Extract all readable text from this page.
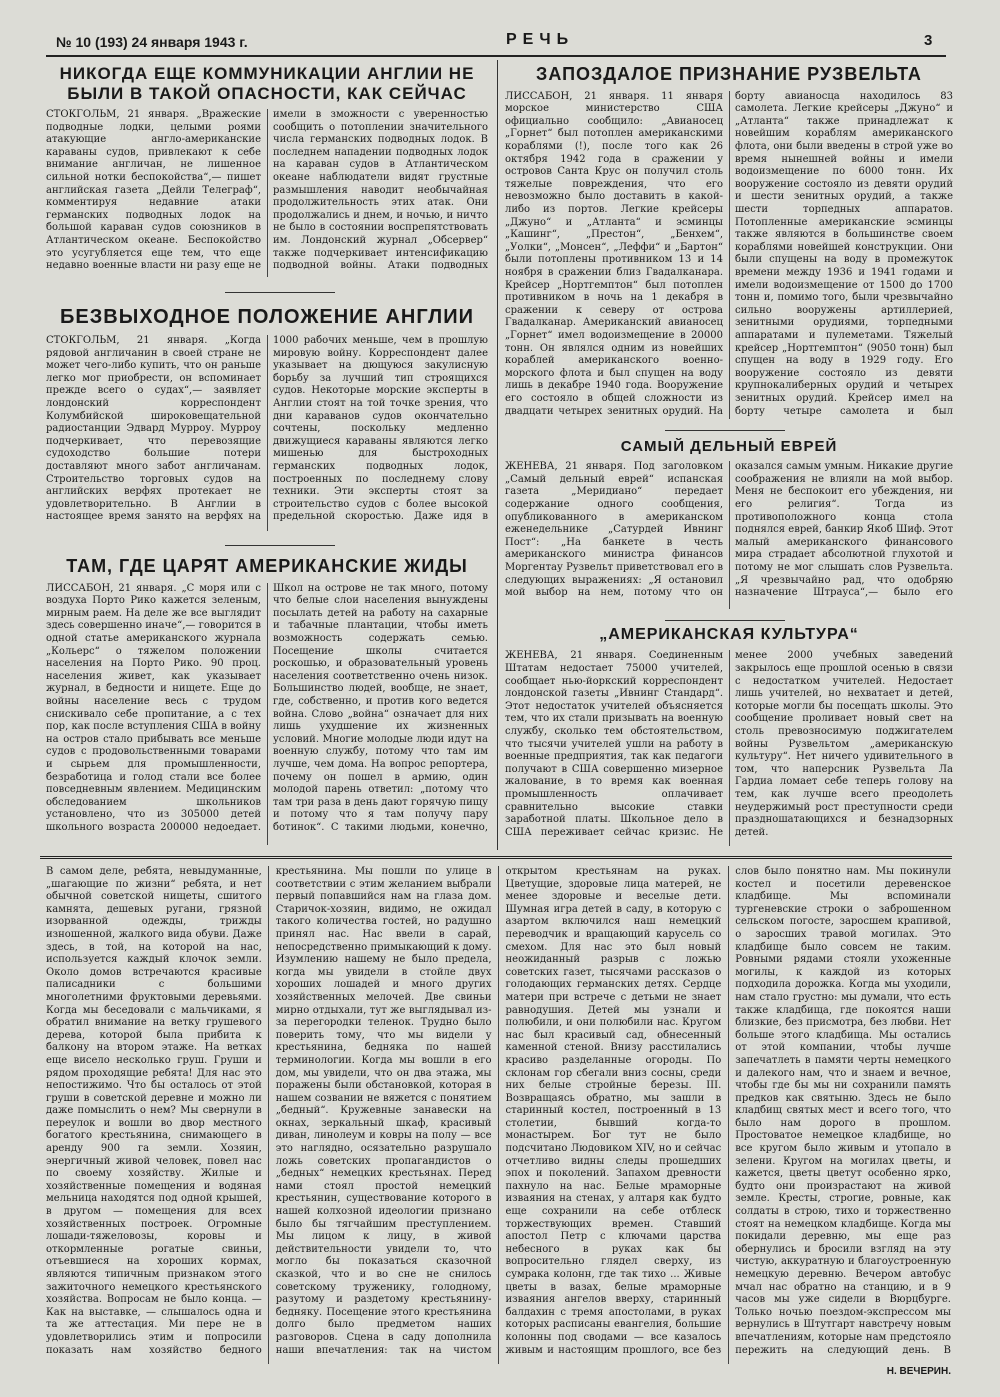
№ 10 (193) 24 января 1943 г.	РЕЧЬ	3
НИКОГДА ЕЩЕ КОММУНИКАЦИИ АНГЛИИ НЕ БЫЛИ В ТАКОЙ ОПАСНОСТИ, КАК СЕЙЧАС
СТОКГОЛЬМ, 21 января. „Вражеские подводные лодки, целыми роями атакующие англо-американские караваны судов, привлекают к себе внимание англичан, не лишенное сильной нотки беспокойства“,— пишет английская газета „Дейли Телеграф“, комментируя недавние атаки германских подводных лодок на большой караван судов союзников в Атлантическом океане. Беспокойство это усугубляется еще тем, что еще недавно военные власти ни разу еще не имели в зможности с уверенностью сообщить о потоплении значительного числа германских подводных лодок. В последнем нападении подводных лодок на караван судов в Атлантическом океане наблюдатели видят грустные размышления наводит необычайная продолжительность этих атак. Они продолжались и днем, и ночью, и ничто не было в состоянии воспрепятствовать им. Лондонский журнал „Обсервер“ также подчеркивает интенсификацию подводной войны. Атаки подводных
БЕЗВЫХОДНОЕ ПОЛОЖЕНИЕ АНГЛИИ
СТОКГОЛЬМ, 21 января. „Когда рядовой англичанин в своей стране не может чего-либо купить, что он раньше легко мог приобрести, он вспоминает прежде всего о судах“,— заявляет лондонский корреспондент Колумбийской широковещательной радиостанции Эдвард Мурроу. Мурроу подчеркивает, что перевозящие судоходство большие потери доставляют много забот англичанам. Строительство торговых судов на английских верфях протекает не удовлетворительно. В Англии в настоящее время занято на верфях на 1000 рабочих меньше, чем в прошлую мировую войну. Корреспондент далее указывает на дющуюся закулисную борьбу за лучший тип строящихся судов. Некоторые морские эксперты в Англии стоят на той точке зрения, что дни караванов судов окончательно сочтены, поскольку медленно движущиеся караваны являются легко мишенью для быстроходных германских подводных лодок, построенных по последнему слову техники. Эти эксперты стоят за строительство судов с более высокой предельной скоростью. Даже идя в
ТАМ, ГДЕ ЦАРЯТ АМЕРИКАНСКИЕ ЖИДЫ
ЛИССАБОН, 21 января. „С моря или с воздуха Порто Рико кажется зеленым, мирным раем. На деле же все выглядит здесь совершенно иначе“,— говорится в одной статье американского журнала „Кольерс“ о тяжелом положении населения на Порто Рико. 90 проц. населения живет, как указывает журнал, в бедности и нищете. Еще до войны население весь с трудом снискивало себе пропитание, а с тех пор, как после вступления США в войну на остров стало прибывать все меньше судов с продовольственными товарами и сырьем для промышленности, безработица и голод стали все более повседневным явлением. Медицинским обследованием школьников установлено, что из 305000 детей школьного возраста 200000 недоедает. Школ на острове не так много, потому что белые слои населения вынуждены посылать детей на работу на сахарные и табачные плантации, чтобы иметь возможность содержать семью. Посещение школы считается роскошью, и образовательный уровень населения соответственно очень низок. Большинство людей, вообще, не знает, где, собственно, и против кого ведется война. Слово „война“ означает для них лишь ухудшение их жизненных условий. Многие молодые люди идут на военную службу, потому что там им лучше, чем дома. На вопрос репортера, почему он пошел в армию, один молодой парень ответил: „потому что там три раза в день дают горячую пищу и потому что я там получу пару ботинок“. С такими людьми, конечно,
ЗАПОЗДАЛОЕ ПРИЗНАНИЕ РУЗВЕЛЬТА
ЛИССАБОН, 21 января. 11 января морское министерство США официально сообщило: „Авианосец „Горнет“ был потоплен американскими кораблями (!), после того как 26 октября 1942 года в сражении у островов Санта Крус он получил столь тяжелые повреждения, что его невозможно было доставить в какой-либо из портов. Легкие крейсеры „Джуно“ и „Атланта“ и эсминцы „Кашинг“, „Престон“, „Бенхем“, „Уолки“, „Монсен“, „Леффи“ и „Бартон“ были потоплены противником 13 и 14 ноября в сражении близ Гвадалканара. Крейсер „Нортгемптон“ был потоплен противником в ночь на 1 декабря в сражении к северу от острова Гвадалканар. Американский авианосец „Горнет“ имел водоизмещение в 20000 тонн. Он являлся одним из новейших кораблей американского военно-морского флота и был спущен на воду лишь в декабре 1940 года. Вооружение его состояло в общей сложности из двадцати четырех зенитных орудий. На борту авианосца находилось 83 самолета. Легкие крейсеры „Джуно“ и „Атланта“ также принадлежат к новейшим кораблям американского флота, они были введены в строй уже во время нынешней войны и имели водоизмещение по 6000 тонн. Их вооружение состояло из девяти орудий и шести зенитных орудий, а также шести торпедных аппаратов. Потопленные американские эсминцы также являются в большинстве своем кораблями новейшей конструкции. Они были спущены на воду в промежуток времени между 1936 и 1941 годами и имели водоизмещение от 1500 до 1700 тонн и, помимо того, были чрезвычайно сильно вооружены артиллерией, зенитными орудиями, торпедными аппаратами и пулеметами. Тяжелый крейсер „Нортгемптон“ (9050 тонн) был спущен на воду в 1929 году. Его вооружение состояло из девяти крупнокалиберных орудий и четырех зенитных орудий. Крейсер имел на борту четыре самолета и был
САМЫЙ ДЕЛЬНЫЙ ЕВРЕЙ
ЖЕНЕВА, 21 января. Под заголовком „Самый дельный еврей“ испанская газета „Меридиано“ передает содержание одного сообщения, опубликованного в американском еженедельнике „Сатурдей Ивнинг Пост“: „На банкете в честь американского министра финансов Моргентау Рузвельт приветствовал его в следующих выражениях: „Я остановил мой выбор на нем, потому что он оказался самым умным. Никакие другие соображения не влияли на мой выбор. Меня не беспокоит его убеждения, ни его религия“. Тогда из противоположного конца стола поднялся еврей, банкир Якоб Шиф. Этот малый американского финансового мира страдает абсолютной глухотой и потому не мог слышать слов Рузвельта. „Я чрезвычайно рад, что одобряю назначение Штрауса“,— было его
„АМЕРИКАНСКАЯ КУЛЬТУРА“
ЖЕНЕВА, 21 января. Соединенным Штатам недостает 75000 учителей, сообщает нью-йоркский корреспондент лондонской газеты „Ивнинг Стандард“. Этот недостаток учителей объясняется тем, что их стали призывать на военную службу, сколько тем обстоятельством, что тысячи учителей ушли на работу в военные предприятия, так как педагоги получают в США совершенно мизерное жалование, в то время как военная промышленность оплачивает сравнительно высокие ставки заработной платы. Школьное дело в США переживает сейчас кризис. Не менее 2000 учебных заведений закрылось еще прошлой осенью в связи с недостатком учителей. Недостает лишь учителей, но нехватает и детей, которые могли бы посещать школы. Это сообщение проливает новый свет на столь превозносимую поджигателем войны Рузвельтом „американскую культуру“. Нет ничего удивительного в том, что наперсник Рузвельта Ла Гардиа ломает себе теперь голову на тем, как лучше всего преодолеть неудержимый рост преступности среди праздношатающихся и безнадзорных детей.
В самом деле, ребята, невыдуманные, „шагающие по жизни“ ребята, и нет обычной советской нищеты, сшитого камнята, дешевых ругани, грязной изорванной одежды, трижды изношенной, жалкого вида обуви. Даже здесь, в той, на которой на нас, используется каждый клочок земли. Около домов встречаются красивые палисадники с большими многолетними фруктовыми деревьями. Когда мы беседовали с мальчиками, я обратил внимание на ветку грушевого дерева, которой была прибита к балкону на втором этаже. На ветках еще висело несколько груш. Груши и рядом проходящие ребята! Для нас это непостижимо. Что бы осталось от этой груши в советской деревне и можно ли даже помыслить о нем? Мы свернули в переулок и вошли во двор местного богатого крестьянина, снимающего в аренду 900 га земли. Хозяин, энергичный живой человек, повел нас по своему хозяйству. Жилые и хозяйственные помещения и водяная мельница находятся под одной крышей, в другом — помещения для всех хозяйственных построек. Огромные лошади-тяжеловозы, коровы и откормленные рогатые свиньи, отъевшиеся на хороших кормах, являются типичным признаком этого зажиточного немецкого крестьянского хозяйства. Вопросам не было конца. — Как на выставке, — слышалось одна и та же аттестация. Ми пере не в удовлетворились этим и попросили показать нам хозяйство бедного крестьянина. Мы пошли по улице в соответствии с этим желанием выбрали первый попавшийся нам на глаза дом. Старичок-хозяин, видимо, не ожидал такого количества гостей, но радушно принял нас. Нас ввели в сарай, непосредственно примыкающий к дому. Изумлению нашему не было предела, когда мы увидели в стойле двух хороших лошадей и много других хозяйственных мелочей. Две свиньи мирно отдыхали, тут же выглядывал из-за перегородки теленок. Трудно было поверить тому, что мы видели у крестьянина, бедняка по нашей терминологии. Когда мы вошли в его дом, мы увидели, что он два этажа, мы поражены были обстановкой, которая в нашем созвании не вяжется с понятием „бедный“. Кружевные занавески на окнах, зеркальный шкаф, красивый диван, линолеум и ковры на полу — все это наглядно, осязательно разрушало ложь советских пропагандистов о „бедных“ немецких крестьянах. Перед нами стоял простой немецкий крестьянин, существование которого в нашей колхозной идеологии признано было бы тягчайшим преступлением. Мы лицом к лицу, в живой действительности увидели то, что могло бы показаться сказочной сказкой, что и во сне не снилось советскому труженику, голодному, разутому и раздетому крестьянину-бедняку. Посещение этого крестьянина долго было предметом наших разговоров. Сцена в саду дополнила наши впечатления: так на чистом открытом крестьянам на руках. Цветущие, здоровые лица матерей, не менее здоровые и веселые дети. Шумная игра детей в саду, в которую с азартом включился наш немецкий переводчик и вращающий карусель со смехом. Для нас это был новый неожиданный разрыв с ложью советских газет, тысячами рассказов о голодающих германских детях. Сердце матери при встрече с детьми не знает равнодушия. Детей мы узнали и полюбили, и они полюбили нас. Кругом нас был красивый сад, обнесенный каменной стеной. Внизу расстилались красиво разделанные огороды. По склонам гор сбегали вниз сосны, среди них белые стройные березы. III. Возвращаясь обратно, мы зашли в старинный костел, построенный в 13 столетии, бывший когда-то монастырем. Бог тут не было подсчитано Людовиком XIV, но и сейчас отчетливо видны следы прошедших эпох и поколений. Запахом древности пахнуло на нас. Белые мраморные изваяния на стенах, у алтаря как будто еще сохранили на себе отблеск торжествующих времен. Ставший апостол Петр с ключами царства небесного в руках как бы вопросительно глядел сверху, из сумрака колонн, где так тихо ... Живые цветы в вазах, белые мраморные изваяния ангелов вверху, старинный балдахин с тремя апостолами, в руках которых расписаны евангелия, большие колонны под сводами — все казалось живым и настоящим прошлого, все без слов было понятно нам. Мы покинули костел и посетили деревенское кладбище. Мы вспоминали тургеневские строки о заброшенном сельском погосте, заросшем крапивой, о заросших травой могилах. Это кладбище было совсем не таким. Ровными рядами стояли ухоженные могилы, к каждой из которых подходила дорожка. Когда мы уходили, нам стало грустно: мы думали, что есть также кладбища, где покоятся наши близкие, без присмотра, без любви. Нет больше этого кладбища. Мы остались от этой компании, чтобы лучше запечатлеть в памяти черты немецкого и далекого нам, что и знаем и вечное, чтобы где бы мы ни сохранили память предков как святыню. Здесь не было кладбищ святых мест и всего того, что было нам дорого в прошлом. Простоватое немецкое кладбище, но все кругом было живым и утопало в зелени. Кругом на могилах цветы, и кажется, цветы цветут особенно ярко, будто они произрастают на живой земле. Кресты, строгие, ровные, как солдаты в строю, тихо и торжественно стоят на немецком кладбище. Когда мы покидали деревню, мы еще раз обернулись и бросили взгляд на эту чистую, аккуратную и благоустроенную немецкую деревню. Вечером автобус мчал нас обратно на станцию, и в 9 часов мы уже сидели в Вюрцбурге. Только ночью поездом-экспрессом мы вернулись в Штутгарт навстречу новым впечатлениям, которые нам предстояло пережить на следующий день. В
Н. ВЕЧЕРИН.
